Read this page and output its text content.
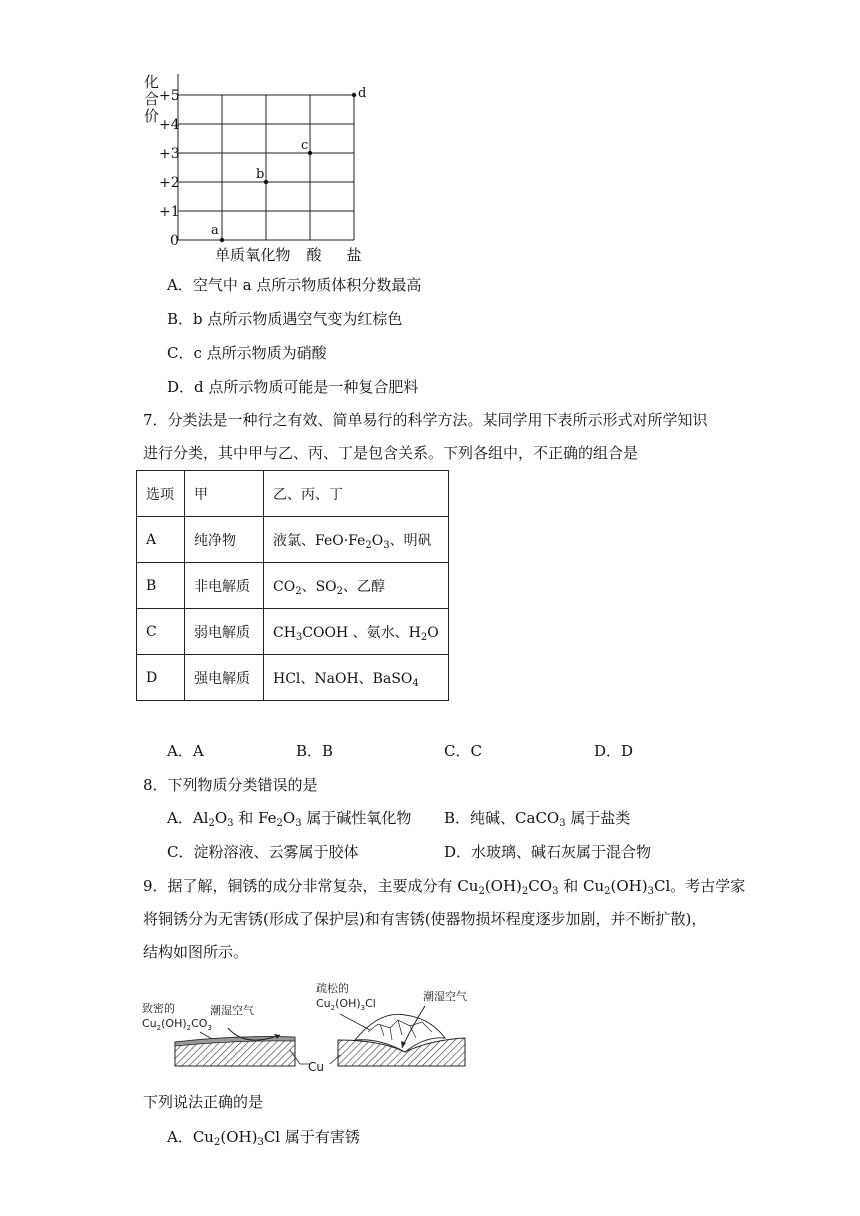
化合价
+5
+4
+3
+2
+1
0
单质 氧化物 酸 盐
a
b
c
d
A．空气中 a 点所示物质体积分数最高
B．b 点所示物质遇空气变为红棕色
C．c 点所示物质为硝酸
D．d 点所示物质可能是一种复合肥料
7．分类法是一种行之有效、简单易行的科学方法。某同学用下表所示形式对所学知识
进行分类，其中甲与乙、丙、丁是包含关系。下列各组中，不正确的组合是
选项	甲	乙、丙、丁
A	纯净物	液氯、$FeO\cdot Fe_2O_3$、明矾
B	非电解质	$CO_2$、$SO_2$、乙醇
C	弱电解质	$CH_3COOH$ 、氨水、$H_2O$
D	强电解质	HCl、NaOH、BaSO$_4$
A．A	B．B	C．C	D．D
8．下列物质分类错误的是
A．$Al_2O_3$ 和 $Fe_2O_3$ 属于碱性氧化物 B．纯碱、CaCO$_3$ 属于盐类
C．淀粉溶液、云雾属于胶体	D．水玻璃、碱石灰属于混合物
9．据了解，铜锈的成分非常复杂，主要成分有 $Cu_2(OH)_2CO_3$ 和 $Cu_2(OH)_3Cl$。考古学家
将铜锈分为无害锈(形成了保护层)和有害锈(使器物损坏程度逐步加剧，并不断扩散)，
结构如图所示。
致密的
$Cu_2(OH)_2CO_3$
潮湿空气
Cu
疏松的
$Cu_2(OH)_3Cl$
潮湿空气
下列说法正确的是
A．$Cu_2(OH)_3Cl$ 属于有害锈
